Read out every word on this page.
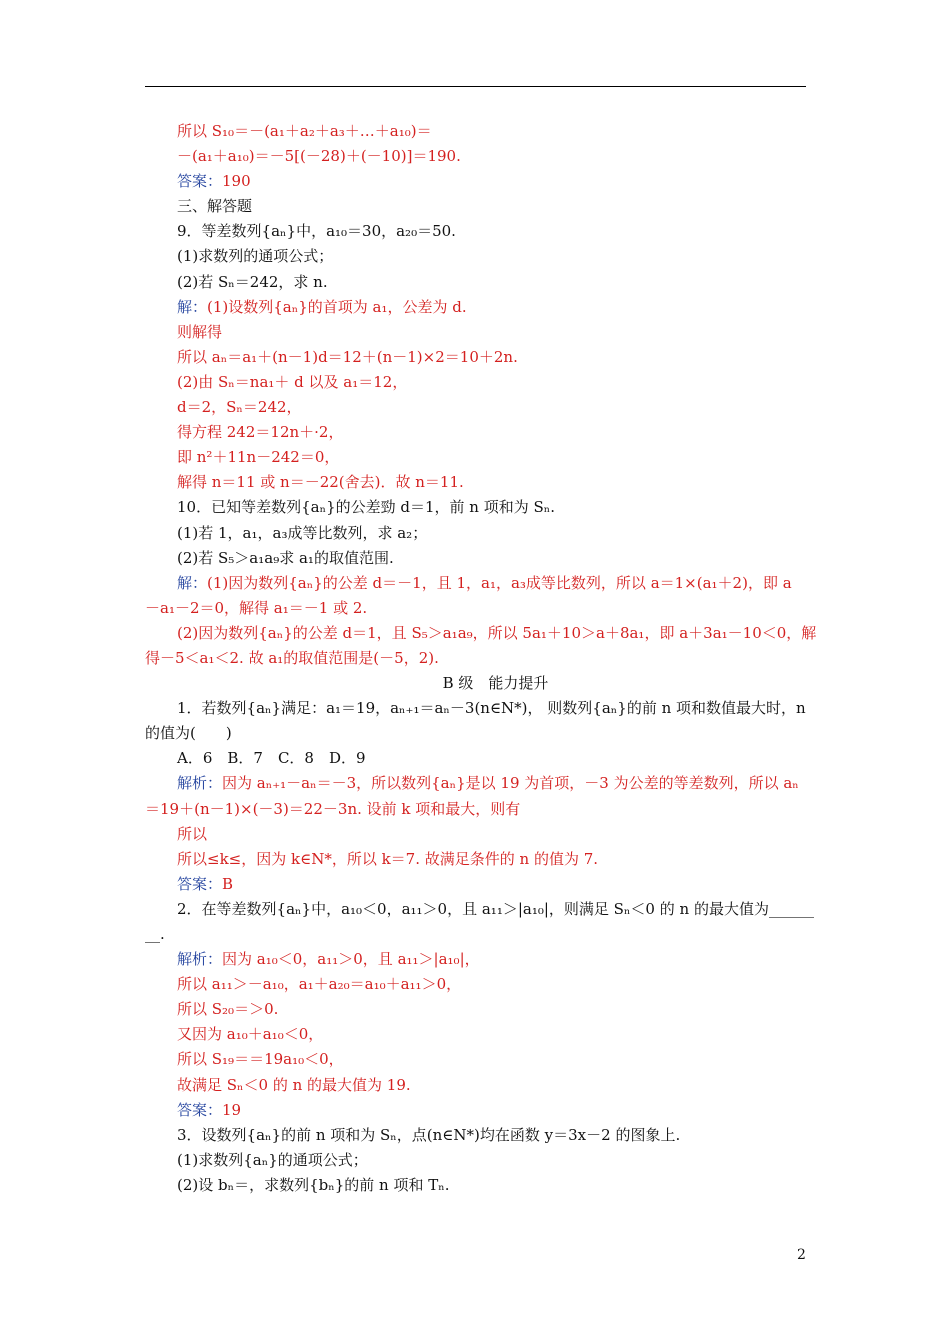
所以 S₁₀＝－(a₁＋a₂＋a₃＋…＋a₁₀)＝
－(a₁＋a₁₀)＝－5[(－28)＋(－10)]＝190.
答案：190
三、解答题
9．等差数列{aₙ}中，a₁₀＝30，a₂₀＝50.
(1)求数列的通项公式；
(2)若 Sₙ＝242，求 n.
解：(1)设数列{aₙ}的首项为 a₁，公差为 d.
则解得
所以 aₙ＝a₁＋(n－1)d＝12＋(n－1)×2＝10＋2n.
(2)由 Sₙ＝na₁＋ d 以及 a₁＝12，
d＝2，Sₙ＝242，
得方程 242＝12n＋·2，
即 n²＋11n－242＝0，
解得 n＝11 或 n＝－22(舍去)．故 n＝11.
10．已知等差数列{aₙ}的公差勁 d＝1，前 n 项和为 Sₙ.
(1)若 1，a₁，a₃成等比数列，求 a₂；
(2)若 S₅＞a₁a₉求 a₁的取值范围.
解：(1)因为数列{aₙ}的公差 d＝－1，且 1，a₁，a₃成等比数列，所以 a＝1×(a₁＋2)，即 a
－a₁－2＝0，解得 a₁＝－1 或 2.
(2)因为数列{aₙ}的公差 d＝1，且 S₅＞a₁a₉，所以 5a₁＋10＞a＋8a₁，即 a＋3a₁－10＜0，解
得－5＜a₁＜2. 故 a₁的取值范围是(－5，2).
B 级　能力提升
1．若数列{aₙ}满足：a₁＝19，aₙ₊₁＝aₙ－3(n∈N*)， 则数列{aₙ}的前 n 项和数值最大时，n
的值为(　　)
A．6　B．7　C．8　D．9
解析：因为 aₙ₊₁－aₙ＝－3，所以数列{aₙ}是以 19 为首项，－3 为公差的等差数列，所以 aₙ
＝19＋(n－1)×(－3)＝22－3n. 设前 k 项和最大，则有
所以
所以≤k≤，因为 k∈N*，所以 k＝7. 故满足条件的 n 的值为 7.
答案：B
2．在等差数列{aₙ}中，a₁₀＜0，a₁₁＞0，且 a₁₁＞|a₁₀|，则满足 Sₙ＜0 的 n 的最大值为______
__.
解析：因为 a₁₀＜0，a₁₁＞0，且 a₁₁＞|a₁₀|，
所以 a₁₁＞－a₁₀，a₁＋a₂₀＝a₁₀＋a₁₁＞0，
所以 S₂₀＝＞0.
又因为 a₁₀＋a₁₀＜0，
所以 S₁₉＝＝19a₁₀＜0，
故满足 Sₙ＜0 的 n 的最大值为 19.
答案：19
3．设数列{aₙ}的前 n 项和为 Sₙ，点(n∈N*)均在函数 y＝3x－2 的图象上.
(1)求数列{aₙ}的通项公式；
(2)设 bₙ＝，求数列{bₙ}的前 n 项和 Tₙ.
2
